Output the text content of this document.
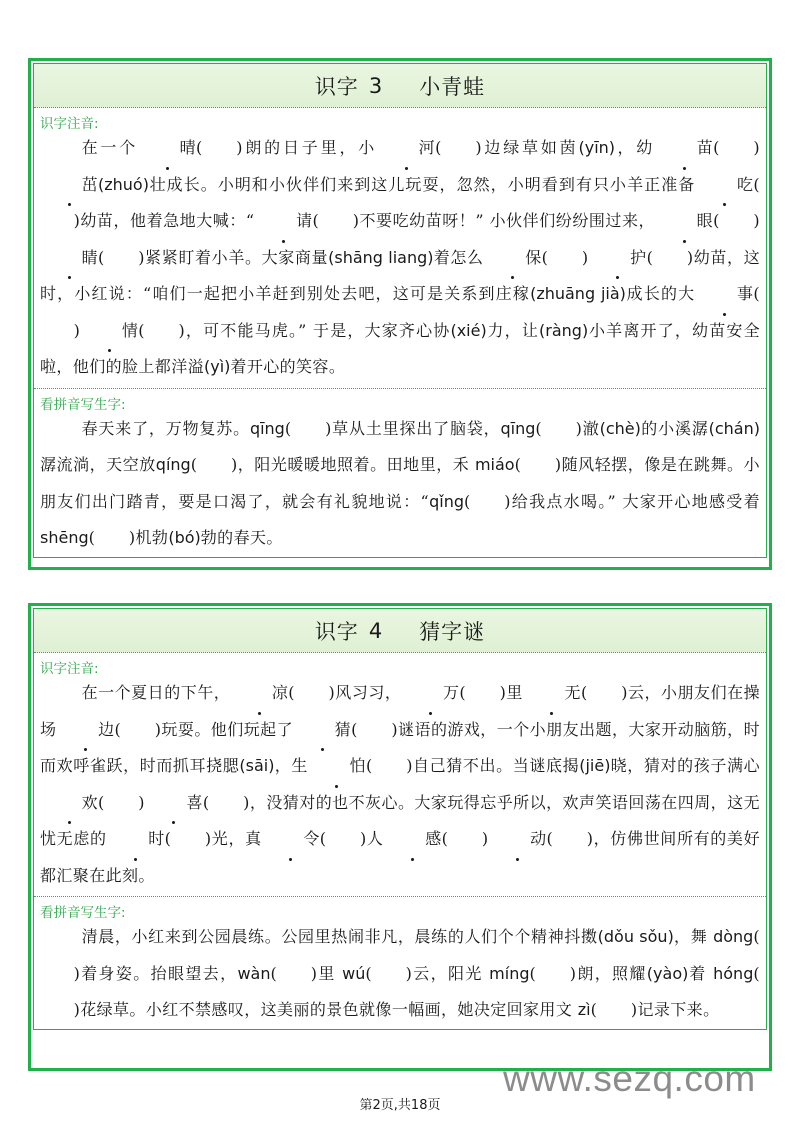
识字 3 小青蛙
识字注音:
在一个	晴( )朗的日子里，小	河( )边绿草如茵(yīn)，幼	苗( )茁(zhuó)壮成长。小明和小伙伴们来到这儿玩耍，忽然，小明看到有只小羊正准备	吃()幼苗，他着急地大喊：“	请( )不要吃幼苗呀！” 小伙伴们纷纷围过来，	眼( )睛( )紧紧盯着小羊。大家商量(shāng liang)着怎么	保( )	护( )幼苗，这时，小红说：“咱们一起把小羊赶到别处去吧，这可是关系到庄稼(zhuāng jià)成长的大	事()	情( )，可不能马虎。” 于是，大家齐心协(xié)力，让(ràng)小羊离开了，幼苗安全啦，他们的脸上都洋溢(yì)着开心的笑容。
看拼音写生字:
春天来了，万物复苏。qīng( )草从土里探出了脑袋，qīng( )澈(chè)的小溪潺(chán)潺流淌，天空放qíng( )，阳光暖暖地照着。田地里，禾 miáo( )随风轻摆，像是在跳舞。小朋友们出门踏青，要是口渴了，就会有礼貌地说：“qǐng( )给我点水喝。” 大家开心地感受着 shēng( )机勃(bó)勃的春天。
识字 4 猜字谜
识字注音:
在一个夏日的下午，	凉( )风习习，	万( )里	无( )云，小朋友们在操场	边( )玩耍。他们玩起了	猜( )谜语的游戏，一个小朋友出题，大家开动脑筋，时而欢呼雀跃，时而抓耳挠腮(sāi)，生	怕( )自己猜不出。当谜底揭(jiē)晓，猜对的孩子满心欢( )	喜( )，没猜对的也不灰心。大家玩得忘乎所以，欢声笑语回荡在四周，这无忧无虑的	时( )光，真	令( )人	感( )	动( )，仿佛世间所有的美好都汇聚在此刻。
看拼音写生字:
清晨，小红来到公园晨练。公园里热闹非凡，晨练的人们个个精神抖擞(dǒu sǒu)，舞 dòng()着身姿。抬眼望去，wàn( )里 wú( )云，阳光 míng( )朗，照耀(yào)着 hóng()花绿草。小红不禁感叹，这美丽的景色就像一幅画，她决定回家用文 zì( )记录下来。
www.sezq.com
第2页,共18页
